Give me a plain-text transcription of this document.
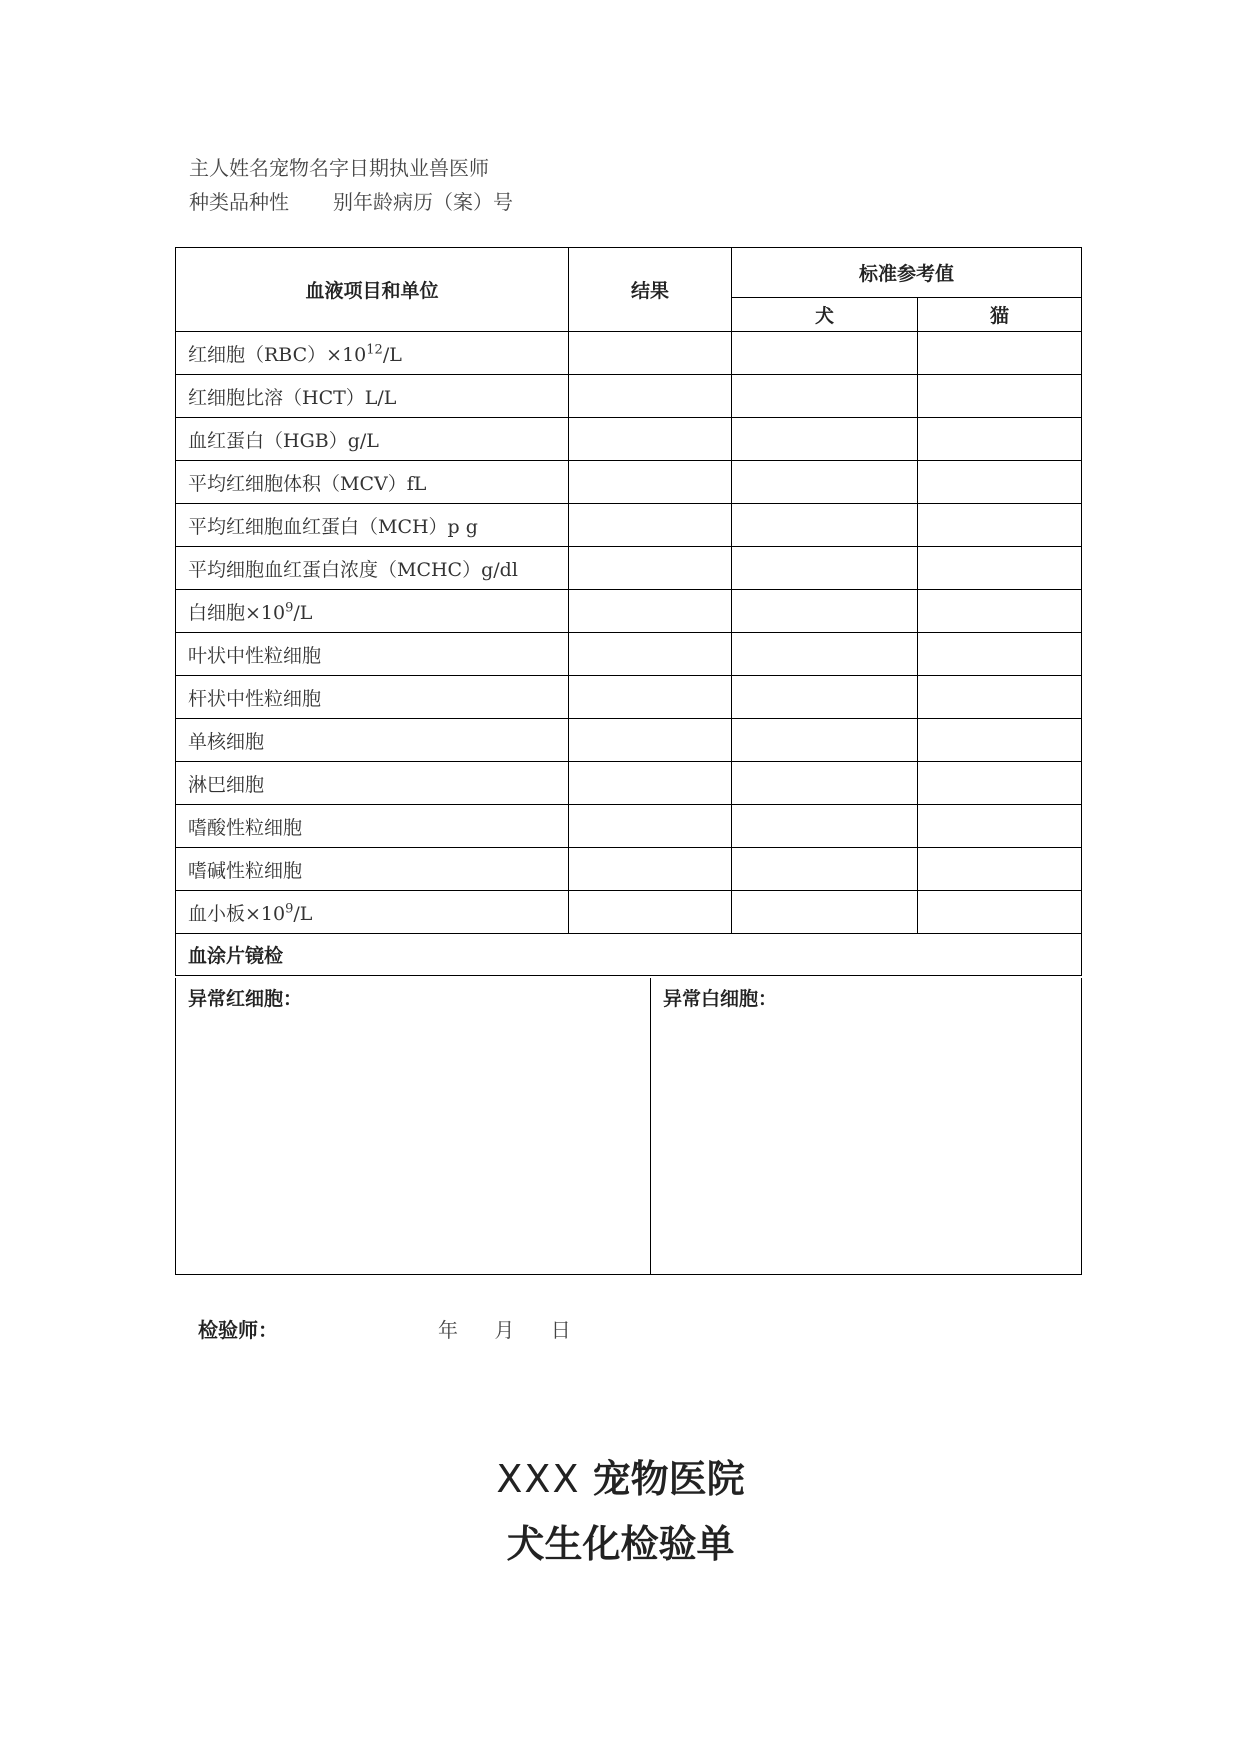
主人姓名宠物名字日期执业兽医师
种类品种性 别年龄病历（案）号
血液项目和单位	结果	标准参考值	
		犬	猫
红细胞$(RBC)\times 10^{12}/L$			
红细胞比溶（HCT）L/L			
血红蛋白（HGB）g/L			
平均红细胞体积（MCV）fL			
平均红细胞血红蛋白（MCH）p g			
平均细胞血红蛋白浓度（MCHC）g/dl			
白细胞$\times 10^9/L$			
叶状中性粒细胞			
杆状中性粒细胞			
单核细胞			
淋巴细胞			
嗜酸性粒细胞			
嗜碱性粒细胞			
血小板$\times 10^9/L$			
血涂片镜检			
异常红细胞：	异常白细胞：
检验师：	年 月 日
XXX 宠物医院
犬生化检验单
